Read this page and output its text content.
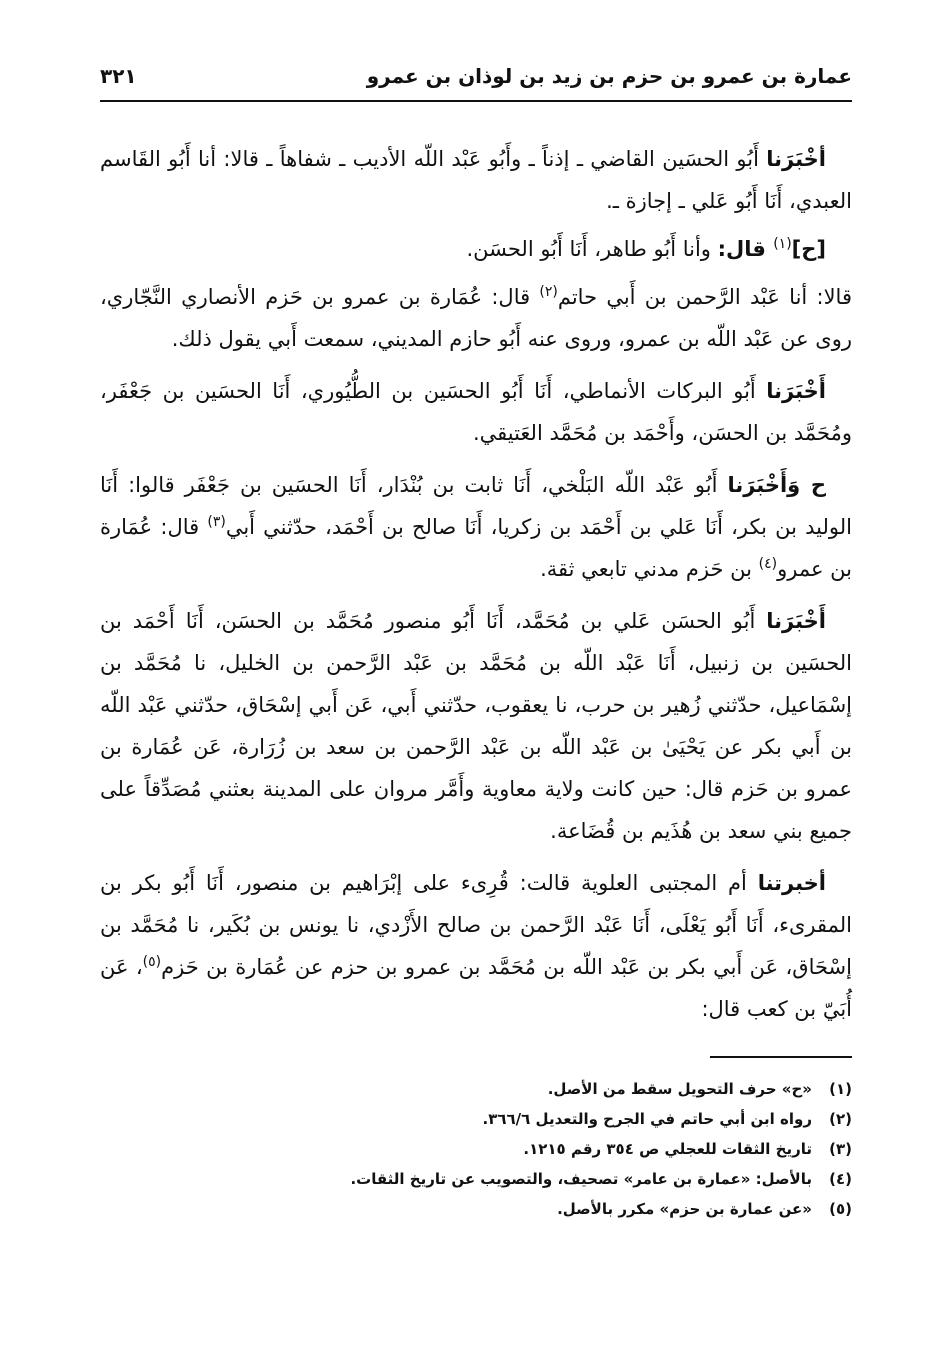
عمارة بن عمرو بن حزم بن زيد بن لوذان بن عمرو
٣٢١

أخْبَرَنا أَبُو الحسَين القاضي ـ إذناً ـ وأَبُو عَبْد اللّه الأديب ـ شفاهاً ـ قالا: أنا أَبُو القَاسم العبدي، أَنَا أَبُو عَلي ـ إجازة ـ.

[ح]$^{(١)}$ قال: وأنا أَبُو طاهر، أَنَا أَبُو الحسَن.

قالا: أنا عَبْد الرَّحمن بن أَبي حاتم$^{(٢)}$ قال: عُمَارة بن عمرو بن حَزم الأنصاري النَّجّاري، روى عن عَبْد اللّه بن عمرو، وروى عنه أَبُو حازم المديني، سمعت أَبي يقول ذلك.

أَخْبَرَنا أَبُو البركات الأنماطي، أَنَا أَبُو الحسَين بن الطُّيُوري، أَنَا الحسَين بن جَعْفَر، ومُحَمَّد بن الحسَن، وأَحْمَد بن مُحَمَّد العَتيقي.

ح وَأَخْبَرَنا أَبُو عَبْد اللّه البَلْخي، أَنَا ثابت بن بُنْدَار، أَنَا الحسَين بن جَعْفَر قالوا: أَنَا الوليد بن بكر، أَنَا عَلي بن أَحْمَد بن زكريا، أَنَا صالح بن أَحْمَد، حدّثني أَبي$^{(٣)}$ قال: عُمَارة بن عمرو$^{(٤)}$ بن حَزم مدني تابعي ثقة.

أَخْبَرَنا أَبُو الحسَن عَلي بن مُحَمَّد، أَنَا أَبُو منصور مُحَمَّد بن الحسَن، أَنَا أَحْمَد بن الحسَين بن زنبيل، أَنَا عَبْد اللّه بن مُحَمَّد بن عَبْد الرَّحمن بن الخليل، نا مُحَمَّد بن إسْمَاعيل، حدّثني زُهير بن حرب، نا يعقوب، حدّثني أَبي، عَن أَبي إسْحَاق، حدّثني عَبْد اللّه بن أَبي بكر عن يَحْيَىٰ بن عَبْد اللّه بن عَبْد الرَّحمن بن سعد بن زُرَارة، عَن عُمَارة بن عمرو بن حَزم قال: حين كانت ولاية معاوية وأَمَّر مروان على المدينة بعثني مُصَدِّقاً على جميع بني سعد بن هُذَيم بن قُضَاعة.

أخبرتنا أم المجتبى العلوية قالت: قُرِىء على إبْرَاهيم بن منصور، أَنَا أَبُو بكر بن المقرىء، أَنَا أَبُو يَعْلَى، أَنَا عَبْد الرَّحمن بن صالح الأَزْدي، نا يونس بن بُكَير، نا مُحَمَّد بن إسْحَاق، عَن أَبي بكر بن عَبْد اللّه بن مُحَمَّد بن عمرو بن حزم عن عُمَارة بن حَزم$^{(٥)}$، عَن أُبَيّ بن كعب قال:

(١)
«ح» حرف التحويل سقط من الأصل.
(٢)
رواه ابن أبي حاتم في الجرح والتعديل ٣٦٦/٦.
(٣)
تاريخ الثقات للعجلي ص ٣٥٤ رقم ١٢١٥.
(٤)
بالأصل: «عمارة بن عامر» تصحيف، والتصويب عن تاريخ الثقات.
(٥)
«عن عمارة بن حزم» مكرر بالأصل.
